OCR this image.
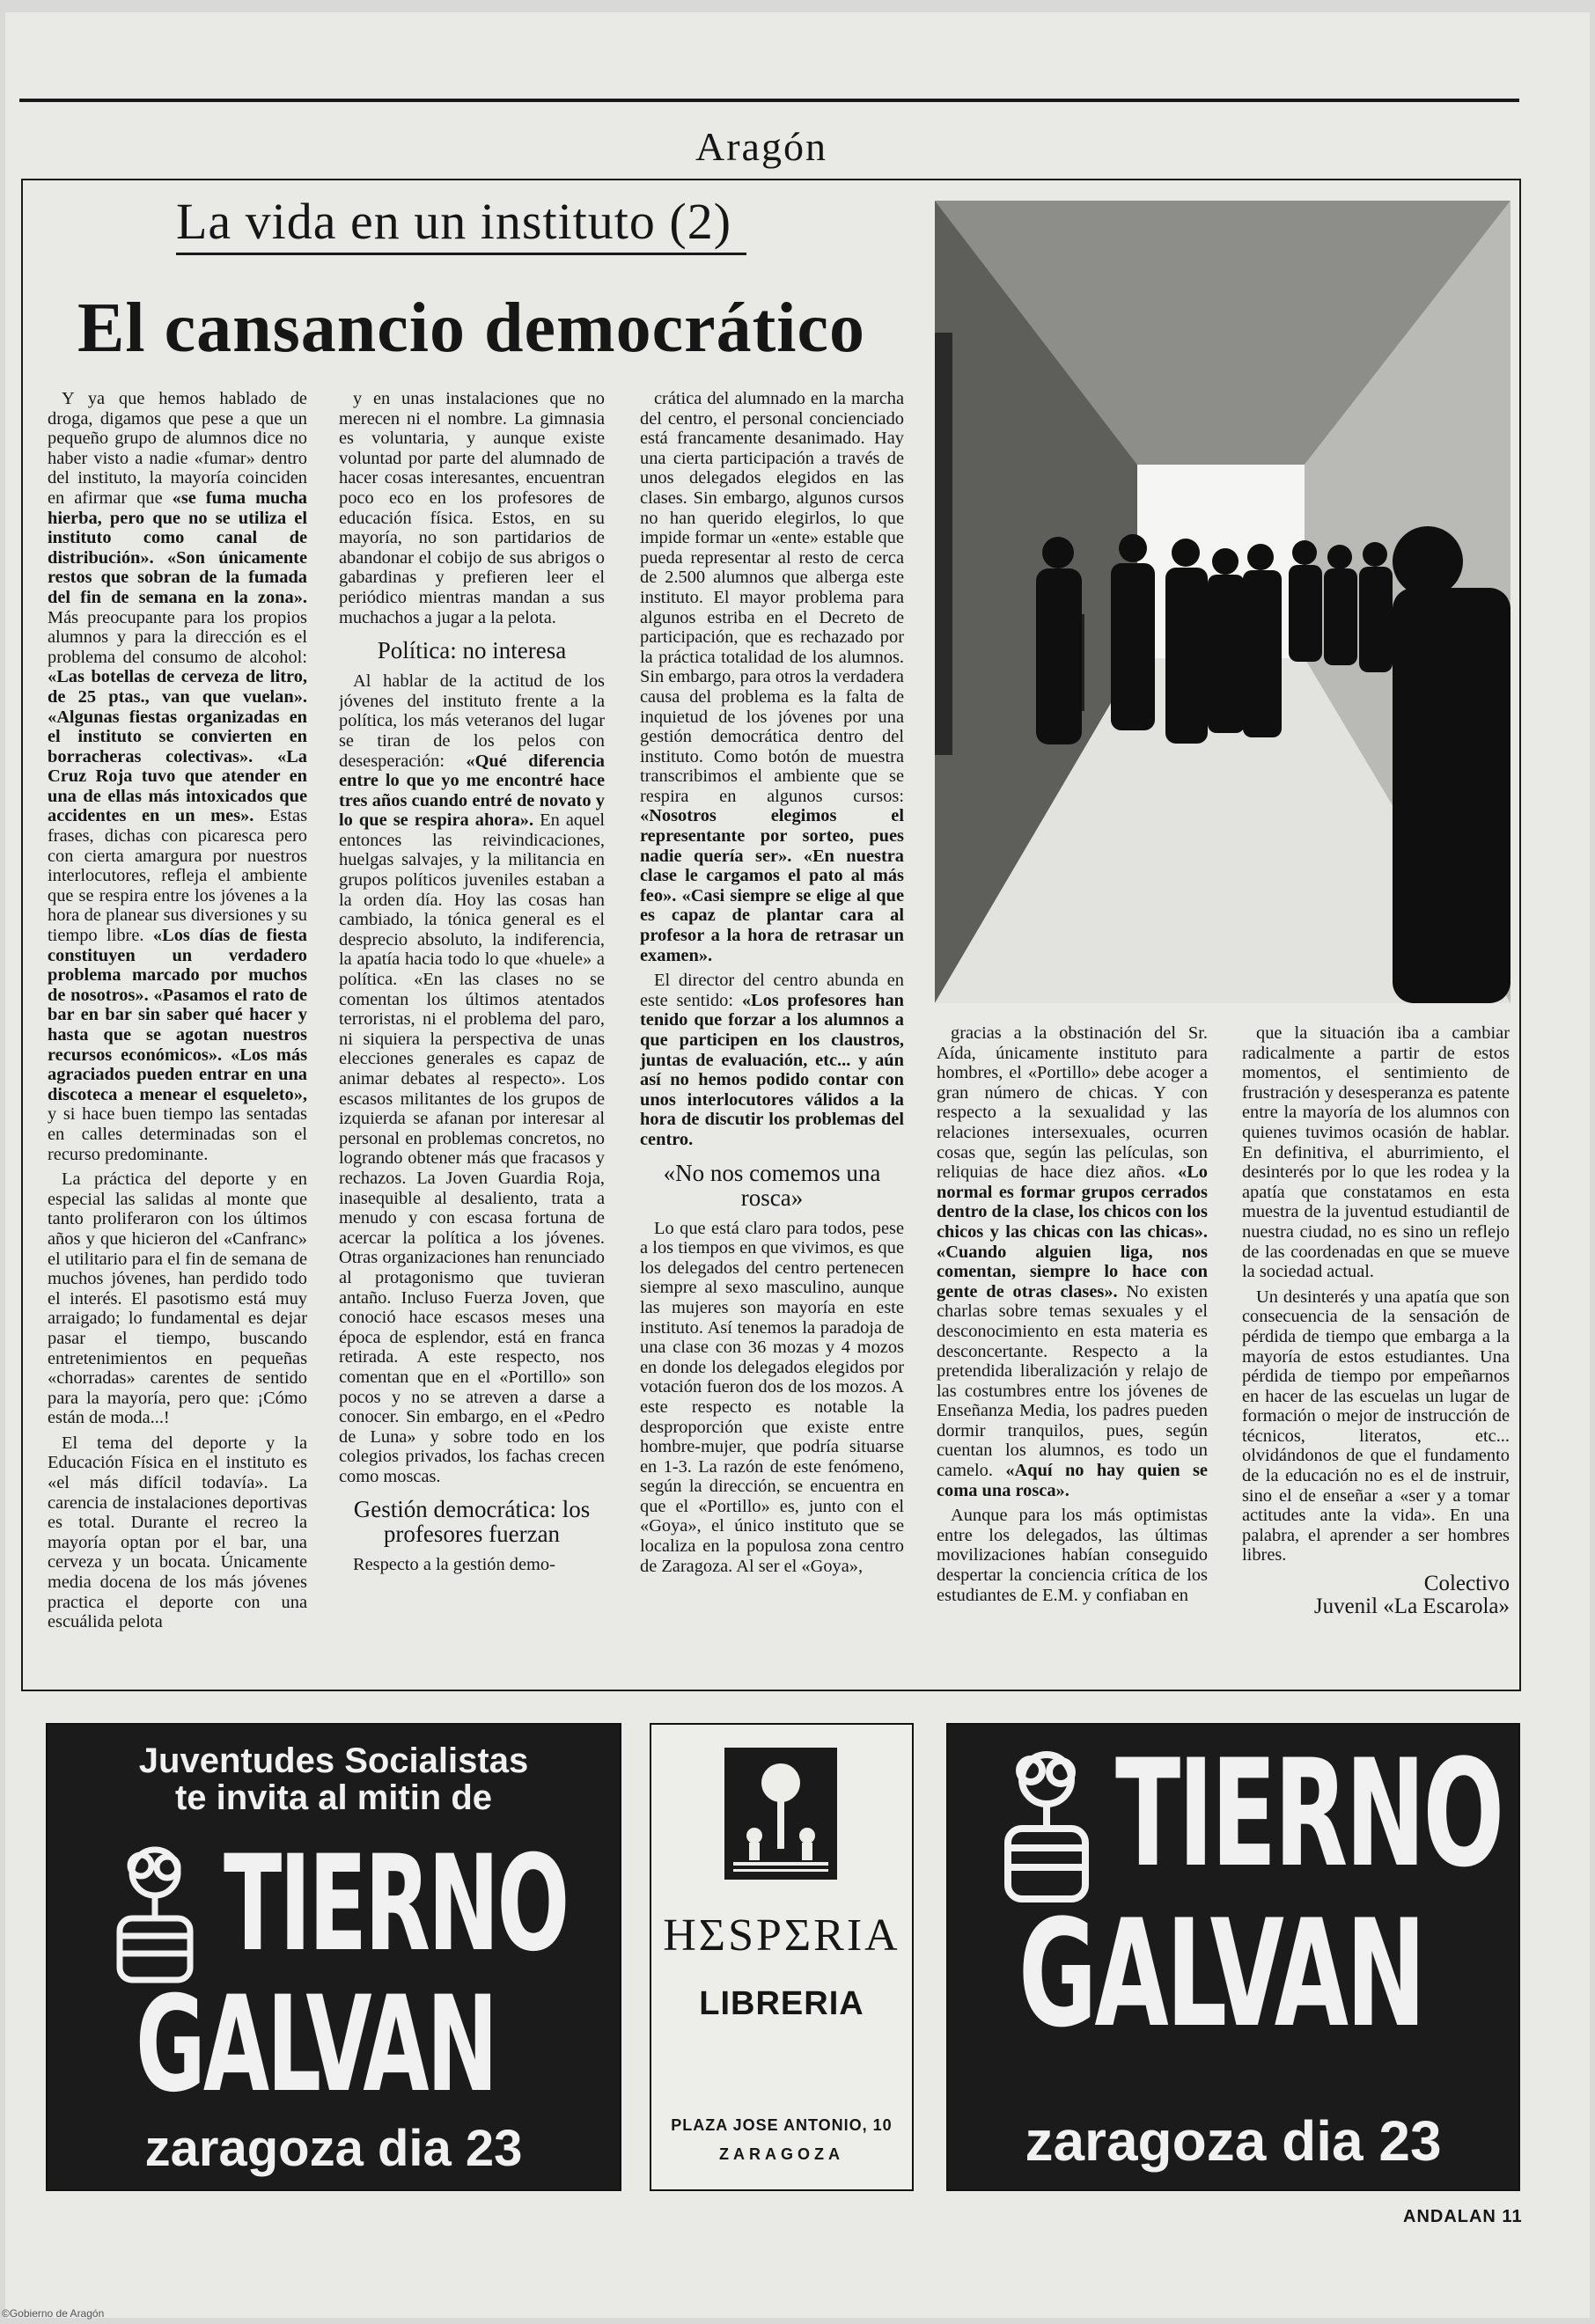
Aragón
La vida en un instituto (2)
El cansancio democrático

Y ya que hemos hablado de droga, digamos que pese a que un pequeño grupo de alumnos dice no haber visto a nadie «fumar» dentro del instituto, la mayoría coinciden en afirmar que «se fuma mucha hierba, pero que no se utiliza el instituto como canal de distribución». «Son únicamente restos que sobran de la fumada del fin de semana en la zona». Más preocupante para los propios alumnos y para la dirección es el problema del consumo de alcohol: «Las botellas de cerveza de litro, de 25 ptas., van que vuelan». «Algunas fiestas organizadas en el instituto se convierten en borracheras colectivas». «La Cruz Roja tuvo que atender en una de ellas más intoxicados que accidentes en un mes». Estas frases, dichas con picaresca pero con cierta amargura por nuestros interlocutores, refleja el ambiente que se respira entre los jóvenes a la hora de planear sus diversiones y su tiempo libre. «Los días de fiesta constituyen un verdadero problema marcado por muchos de nosotros». «Pasamos el rato de bar en bar sin saber qué hacer y hasta que se agotan nuestros recursos económicos». «Los más agraciados pueden entrar en una discoteca a menear el esqueleto», y si hace buen tiempo las sentadas en calles determinadas son el recurso predominante.

La práctica del deporte y en especial las salidas al monte que tanto proliferaron con los últimos años y que hicieron del «Canfranc» el utilitario para el fin de semana de muchos jóvenes, han perdido todo el interés. El pasotismo está muy arraigado; lo fundamental es dejar pasar el tiempo, buscando entretenimientos en pequeñas «chorradas» carentes de sentido para la mayoría, pero que: ¡Cómo están de moda...!

El tema del deporte y la Educación Física en el instituto es «el más difícil todavía». La carencia de instalaciones deportivas es total. Durante el recreo la mayoría optan por el bar, una cerveza y un bocata. Únicamente media docena de los más jóvenes practica el deporte con una escuálida pelota

y en unas instalaciones que no merecen ni el nombre. La gimnasia es voluntaria, y aunque existe voluntad por parte del alumnado de hacer cosas interesantes, encuentran poco eco en los profesores de educación física. Estos, en su mayoría, no son partidarios de abandonar el cobijo de sus abrigos o gabardinas y prefieren leer el periódico mientras mandan a sus muchachos a jugar a la pelota.

Política: no interesa

Al hablar de la actitud de los jóvenes del instituto frente a la política, los más veteranos del lugar se tiran de los pelos con desesperación: «Qué diferencia entre lo que yo me encontré hace tres años cuando entré de novato y lo que se respira ahora». En aquel entonces las reivindicaciones, huelgas salvajes, y la militancia en grupos políticos juveniles estaban a la orden día. Hoy las cosas han cambiado, la tónica general es el desprecio absoluto, la indiferencia, la apatía hacia todo lo que «huele» a política. «En las clases no se comentan los últimos atentados terroristas, ni el problema del paro, ni siquiera la perspectiva de unas elecciones generales es capaz de animar debates al respecto». Los escasos militantes de los grupos de izquierda se afanan por interesar al personal en problemas concretos, no logrando obtener más que fracasos y rechazos. La Joven Guardia Roja, inasequible al desaliento, trata a menudo y con escasa fortuna de acercar la política a los jóvenes. Otras organizaciones han renunciado al protagonismo que tuvieran antaño. Incluso Fuerza Joven, que conoció hace escasos meses una época de esplendor, está en franca retirada. A este respecto, nos comentan que en el «Portillo» son pocos y no se atreven a darse a conocer. Sin embargo, en el «Pedro de Luna» y sobre todo en los colegios privados, los fachas crecen como moscas.

Gestión democrática: los profesores fuerzan

Respecto a la gestión demo-

crática del alumnado en la marcha del centro, el personal concienciado está francamente desanimado. Hay una cierta participación a través de unos delegados elegidos en las clases. Sin embargo, algunos cursos no han querido elegirlos, lo que impide formar un «ente» estable que pueda representar al resto de cerca de 2.500 alumnos que alberga este instituto. El mayor problema para algunos estriba en el Decreto de participación, que es rechazado por la práctica totalidad de los alumnos. Sin embargo, para otros la verdadera causa del problema es la falta de inquietud de los jóvenes por una gestión democrática dentro del instituto. Como botón de muestra transcribimos el ambiente que se respira en algunos cursos: «Nosotros elegimos el representante por sorteo, pues nadie quería ser». «En nuestra clase le cargamos el pato al más feo». «Casi siempre se elige al que es capaz de plantar cara al profesor a la hora de retrasar un examen».

El director del centro abunda en este sentido: «Los profesores han tenido que forzar a los alumnos a que participen en los claustros, juntas de evaluación, etc... y aún así no hemos podido contar con unos interlocutores válidos a la hora de discutir los problemas del centro.

«No nos comemos una rosca»

Lo que está claro para todos, pese a los tiempos en que vivimos, es que los delegados del centro pertenecen siempre al sexo masculino, aunque las mujeres son mayoría en este instituto. Así tenemos la paradoja de una clase con 36 mozas y 4 mozos en donde los delegados elegidos por votación fueron dos de los mozos. A este respecto es notable la desproporción que existe entre hombre-mujer, que podría situarse en 1-3. La razón de este fenómeno, según la dirección, se encuentra en que el «Portillo» es, junto con el «Goya», el único instituto que se localiza en la populosa zona centro de Zaragoza. Al ser el «Goya»,

gracias a la obstinación del Sr. Aída, únicamente instituto para hombres, el «Portillo» debe acoger a gran número de chicas. Y con respecto a la sexualidad y las relaciones intersexuales, ocurren cosas que, según las películas, son reliquias de hace diez años. «Lo normal es formar grupos cerrados dentro de la clase, los chicos con los chicos y las chicas con las chicas». «Cuando alguien liga, nos comentan, siempre lo hace con gente de otras clases». No existen charlas sobre temas sexuales y el desconocimiento en esta materia es desconcertante. Respecto a la pretendida liberalización y relajo de las costumbres entre los jóvenes de Enseñanza Media, los padres pueden dormir tranquilos, pues, según cuentan los alumnos, es todo un camelo. «Aquí no hay quien se coma una rosca».

Aunque para los más optimistas entre los delegados, las últimas movilizaciones habían conseguido despertar la conciencia crítica de los estudiantes de E.M. y confiaban en

que la situación iba a cambiar radicalmente a partir de estos momentos, el sentimiento de frustración y desesperanza es patente entre la mayoría de los alumnos con quienes tuvimos ocasión de hablar. En definitiva, el aburrimiento, el desinterés por lo que les rodea y la apatía que constatamos en esta muestra de la juventud estudiantil de nuestra ciudad, no es sino un reflejo de las coordenadas en que se mueve la sociedad actual.

Un desinterés y una apatía que son consecuencia de la sensación de pérdida de tiempo que embarga a la mayoría de estos estudiantes. Una pérdida de tiempo por empeñarnos en hacer de las escuelas un lugar de formación o mejor de instrucción de técnicos, literatos, etc... olvidándonos de que el fundamento de la educación no es el de instruir, sino el de enseñar a «ser y a tomar actitudes ante la vida». En una palabra, el aprender a ser hombres libres.

Colectivo
Juvenil «La Escarola»
Juventudes Socialistas
te invita al mitin de
TIERNO
GALVAN
zaragoza dia 23
HΣSPΣRIA
LIBRERIA
PLAZA JOSE ANTONIO, 10
ZARAGOZA
TIERNO
GALVAN
zaragoza dia 23
ANDALAN 11
©Gobierno de Aragón
